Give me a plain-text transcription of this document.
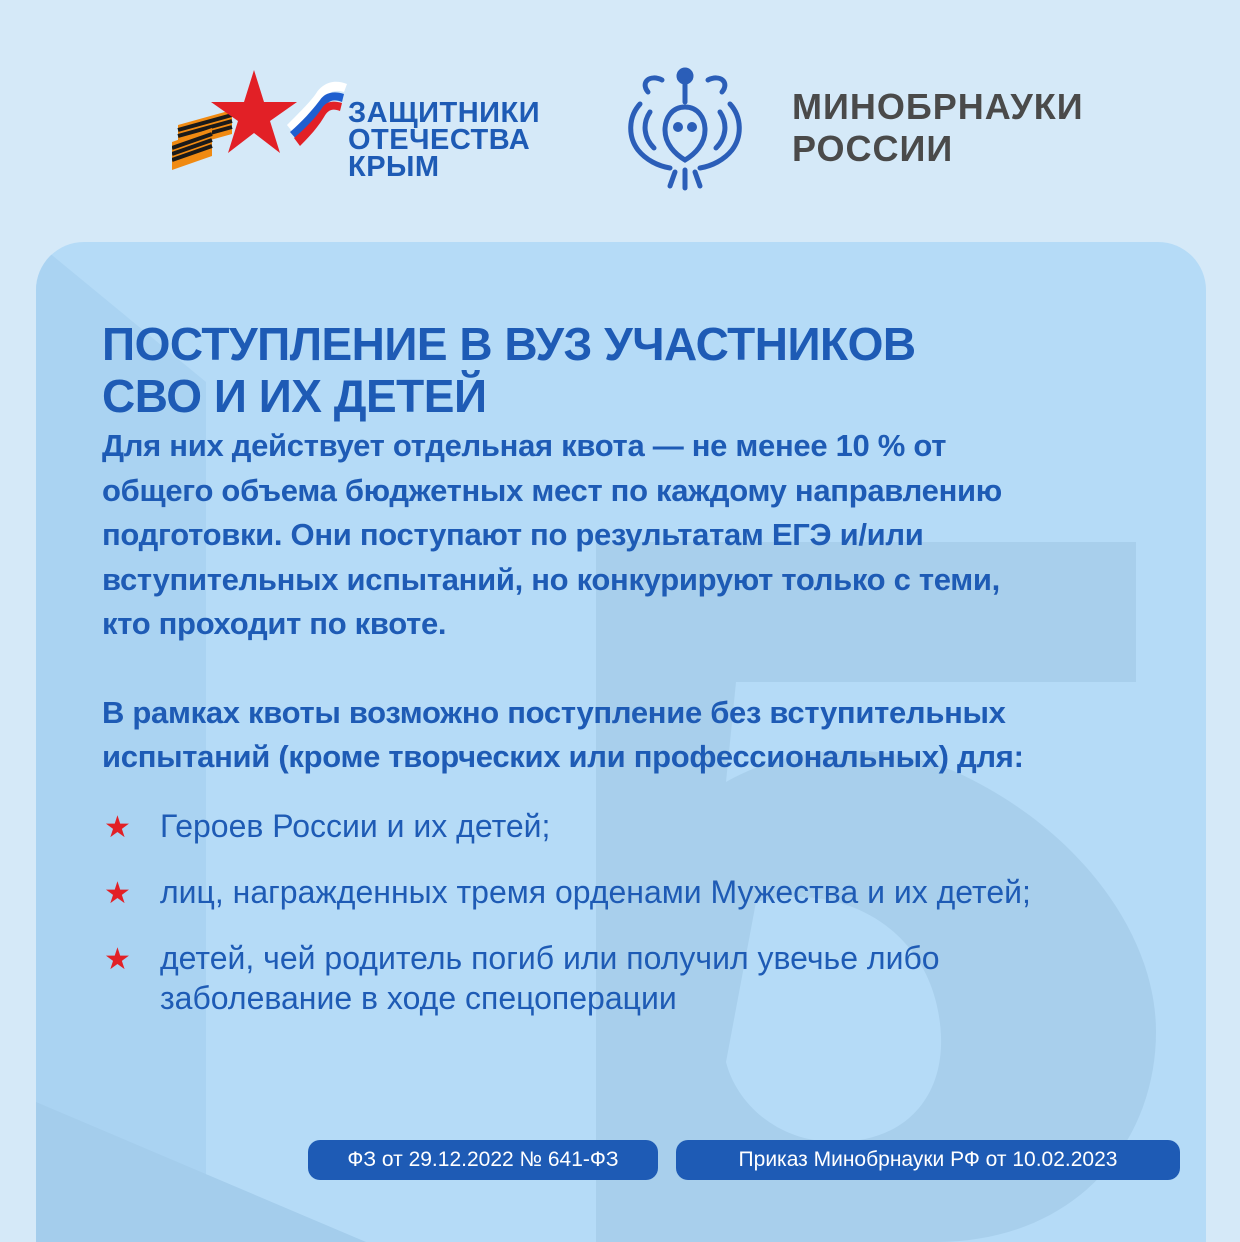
ЗАЩИТНИКИ
ОТЕЧЕСТВА
КРЫМ
МИНОБРНАУКИ
РОССИИ
ПОСТУПЛЕНИЕ В ВУЗ УЧАСТНИКОВ
СВО И ИХ ДЕТЕЙ
Для них действует отдельная квота — не менее 10 % от
общего объема бюджетных мест по каждому направлению
подготовки. Они поступают по результатам ЕГЭ и/или
вступительных испытаний, но конкурируют только с теми,
кто проходит по квоте.
В рамках квоты возможно поступление без вступительных
испытаний (кроме творческих или профессиональных) для:
★ Героев России и их детей;
★ лиц, награжденных тремя орденами Мужества и их детей;
★ детей, чей родитель погиб или получил увечье либо
заболевание в ходе спецоперации
ФЗ от 29.12.2022 № 641-ФЗ	Приказ Минобрнауки РФ от 10.02.2023
